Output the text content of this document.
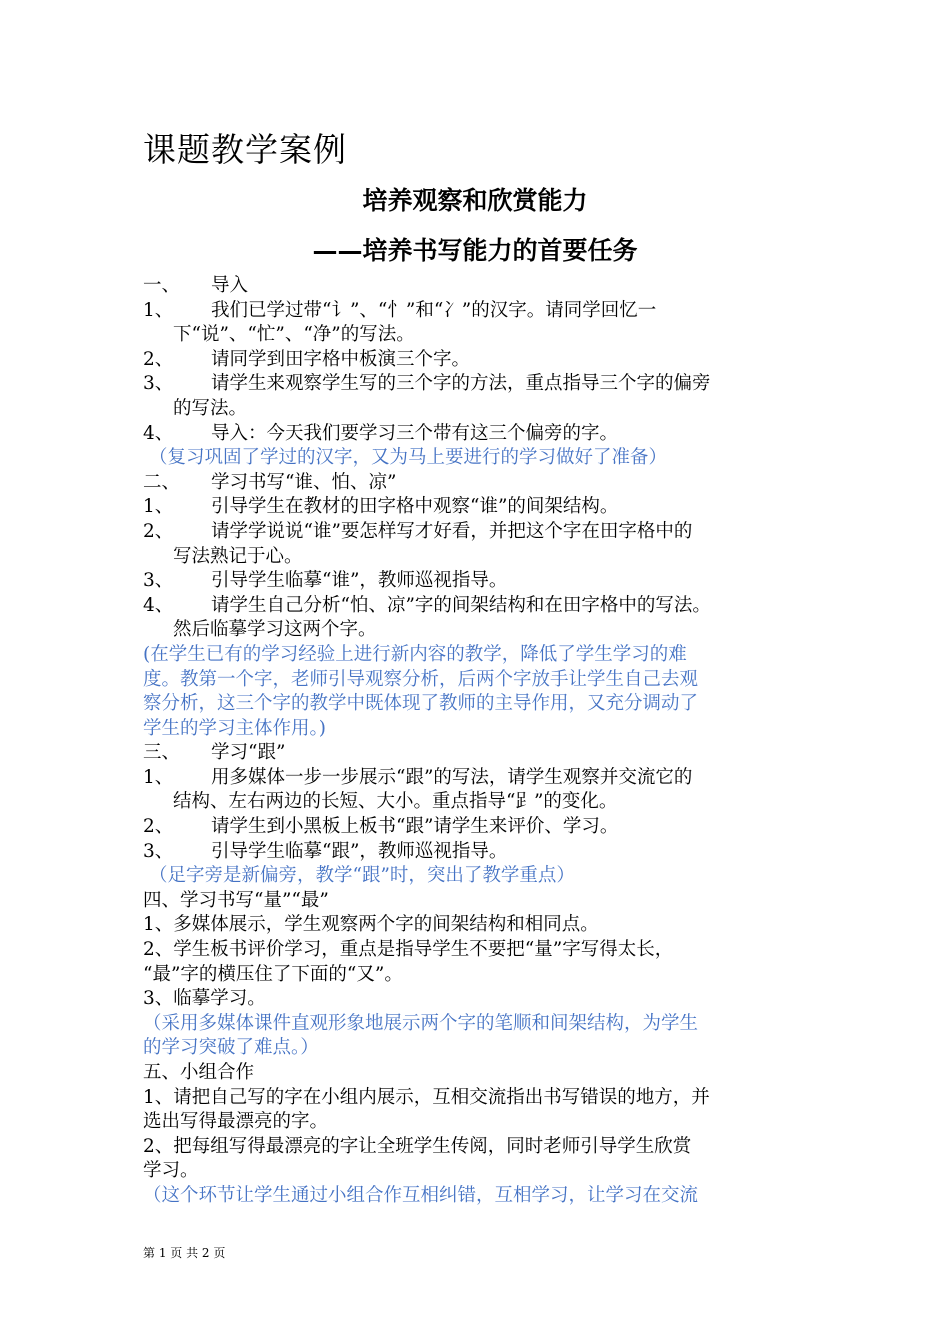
课题教学案例
培养观察和欣赏能力
——培养书写能力的首要任务
一、 导入
1、 我们已学过带“讠”、“忄”和“冫”的汉字。请同学回忆一
下“说”、“忙”、“净”的写法。
2、 请同学到田字格中板演三个字。
3、 请学生来观察学生写的三个字的方法，重点指导三个字的偏旁
的写法。
4、 导入：今天我们要学习三个带有这三个偏旁的字。
（复习巩固了学过的汉字，又为马上要进行的学习做好了准备）
二、 学习书写“谁、怕、凉”
1、 引导学生在教材的田字格中观察“谁”的间架结构。
2、 请学学说说“谁”要怎样写才好看，并把这个字在田字格中的
写法熟记于心。
3、 引导学生临摹“谁”，教师巡视指导。
4、 请学生自己分析“怕、凉”字的间架结构和在田字格中的写法。
然后临摹学习这两个字。
(在学生已有的学习经验上进行新内容的教学，降低了学生学习的难
度。教第一个字，老师引导观察分析，后两个字放手让学生自己去观
察分析，这三个字的教学中既体现了教师的主导作用，又充分调动了
学生的学习主体作用。)
三、 学习“跟”
1、 用多媒体一步一步展示“跟”的写法，请学生观察并交流它的
结构、左右两边的长短、大小。重点指导“𧾷”的变化。
2、 请学生到小黑板上板书“跟”请学生来评价、学习。
3、 引导学生临摹“跟”，教师巡视指导。
（足字旁是新偏旁，教学“跟”时，突出了教学重点）
四、学习书写“量”“最”
1、多媒体展示，学生观察两个字的间架结构和相同点。
2、学生板书评价学习，重点是指导学生不要把“量”字写得太长，
“最”字的横压住了下面的“又”。
3、临摹学习。
（采用多媒体课件直观形象地展示两个字的笔顺和间架结构，为学生
的学习突破了难点。）
五、小组合作
1、请把自己写的字在小组内展示，互相交流指出书写错误的地方，并
选出写得最漂亮的字。
2、把每组写得最漂亮的字让全班学生传阅，同时老师引导学生欣赏
学习。
（这个环节让学生通过小组合作互相纠错，互相学习，让学习在交流
第 1 页 共 2 页
